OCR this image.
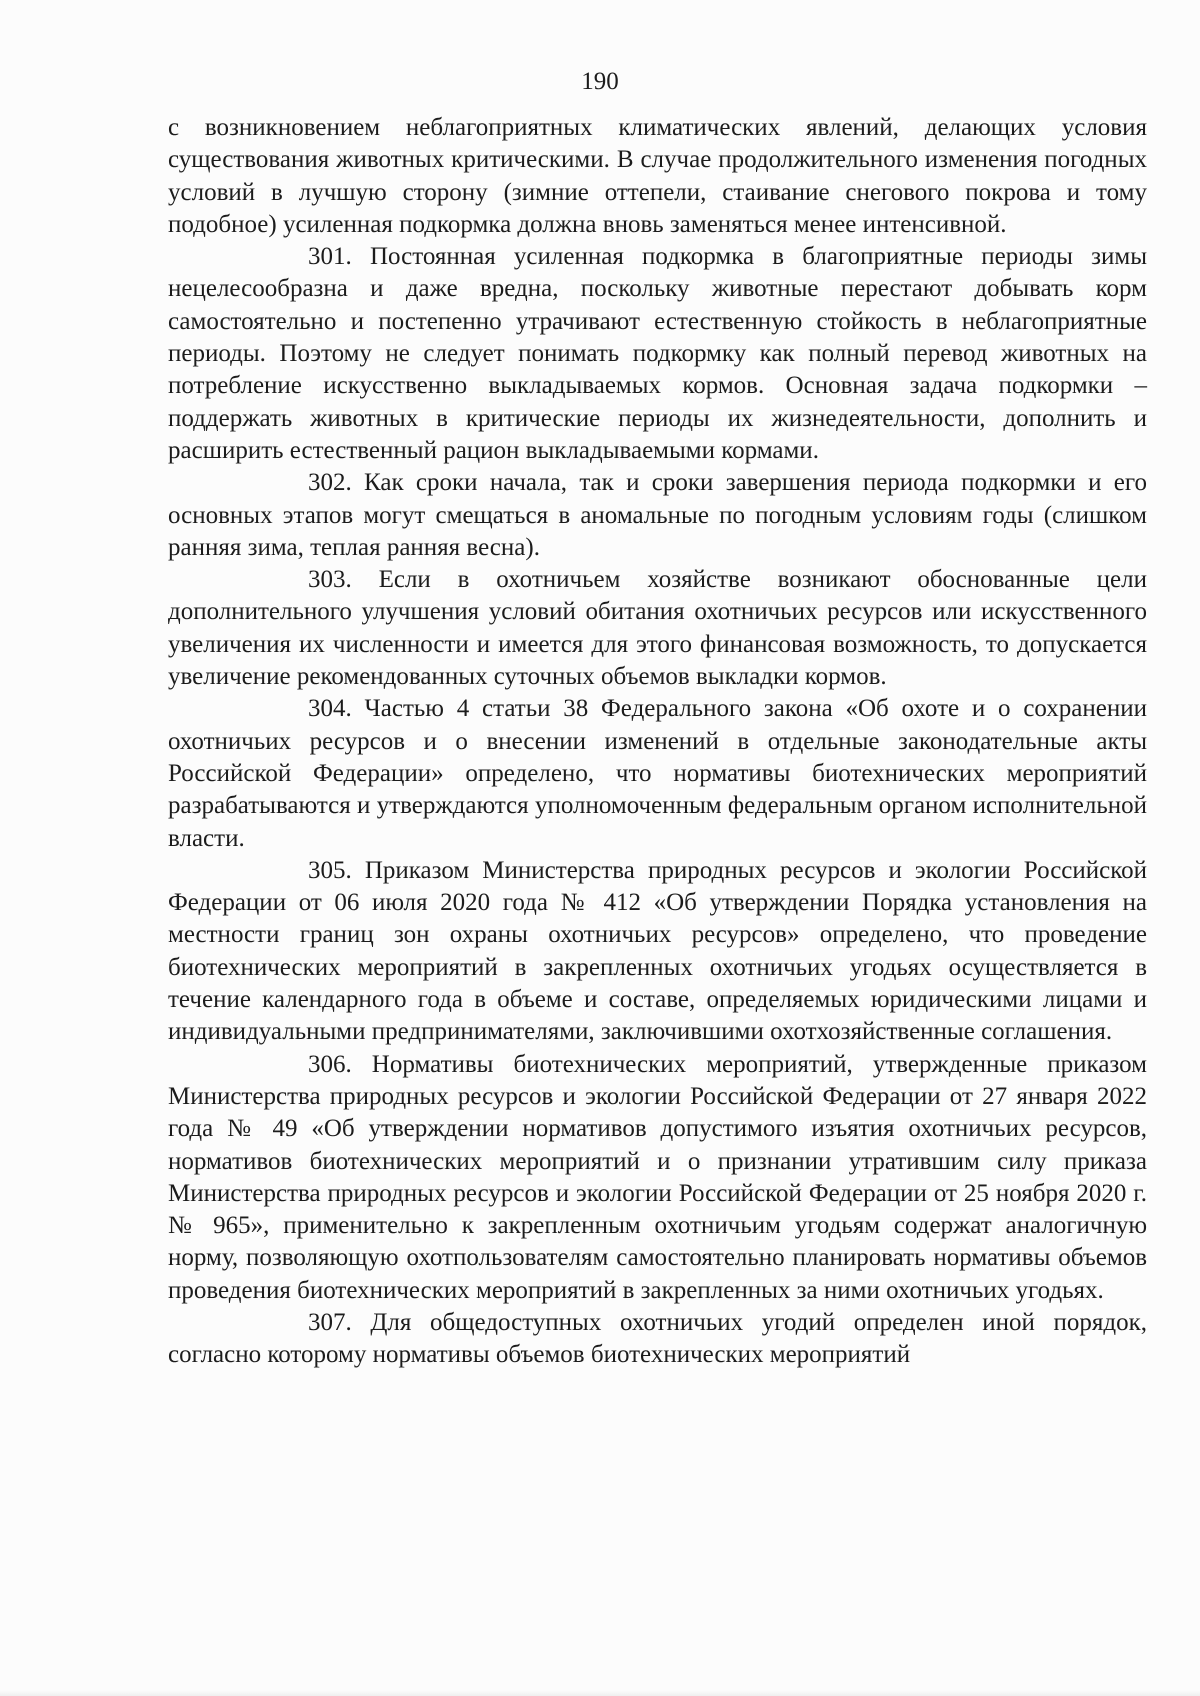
190

с возникновением неблагоприятных климатических явлений, делающих условия существования животных критическими. В случае продолжительного изменения погодных условий в лучшую сторону (зимние оттепели, стаивание снегового покрова и тому подобное) усиленная подкормка должна вновь заменяться менее интенсивной.

301. Постоянная усиленная подкормка в благоприятные периоды зимы нецелесообразна и даже вредна, поскольку животные перестают добывать корм самостоятельно и постепенно утрачивают естественную стойкость в неблагоприятные периоды. Поэтому не следует понимать подкормку как полный перевод животных на потребление искусственно выкладываемых кормов. Основная задача подкормки – поддержать животных в критические периоды их жизнедеятельности, дополнить и расширить естественный рацион выкладываемыми кормами.

302. Как сроки начала, так и сроки завершения периода подкормки и его основных этапов могут смещаться в аномальные по погодным условиям годы (слишком ранняя зима, теплая ранняя весна).

303. Если в охотничьем хозяйстве возникают обоснованные цели дополнительного улучшения условий обитания охотничьих ресурсов или искусственного увеличения их численности и имеется для этого финансовая возможность, то допускается увеличение рекомендованных суточных объемов выкладки кормов.

304. Частью 4 статьи 38 Федерального закона «Об охоте и о сохранении охотничьих ресурсов и о внесении изменений в отдельные законодательные акты Российской Федерации» определено, что нормативы биотехнических мероприятий разрабатываются и утверждаются уполномоченным федеральным органом исполнительной власти.

305. Приказом Министерства природных ресурсов и экологии Российской Федерации от 06 июля 2020 года № 412 «Об утверждении Порядка установления на местности границ зон охраны охотничьих ресурсов» определено, что проведение биотехнических мероприятий в закрепленных охотничьих угодьях осуществляется в течение календарного года в объеме и составе, определяемых юридическими лицами и индивидуальными предпринимателями, заключившими охотхозяйственные соглашения.

306. Нормативы биотехнических мероприятий, утвержденные приказом Министерства природных ресурсов и экологии Российской Федерации от 27 января 2022 года № 49 «Об утверждении нормативов допустимого изъятия охотничьих ресурсов, нормативов биотехнических мероприятий и о признании утратившим силу приказа Министерства природных ресурсов и экологии Российской Федерации от 25 ноября 2020 г. № 965», применительно к закрепленным охотничьим угодьям содержат аналогичную норму, позволяющую охотпользователям самостоятельно планировать нормативы объемов проведения биотехнических мероприятий в закрепленных за ними охотничьих угодьях.

307. Для общедоступных охотничьих угодий определен иной порядок, согласно которому нормативы объемов биотехнических мероприятий
